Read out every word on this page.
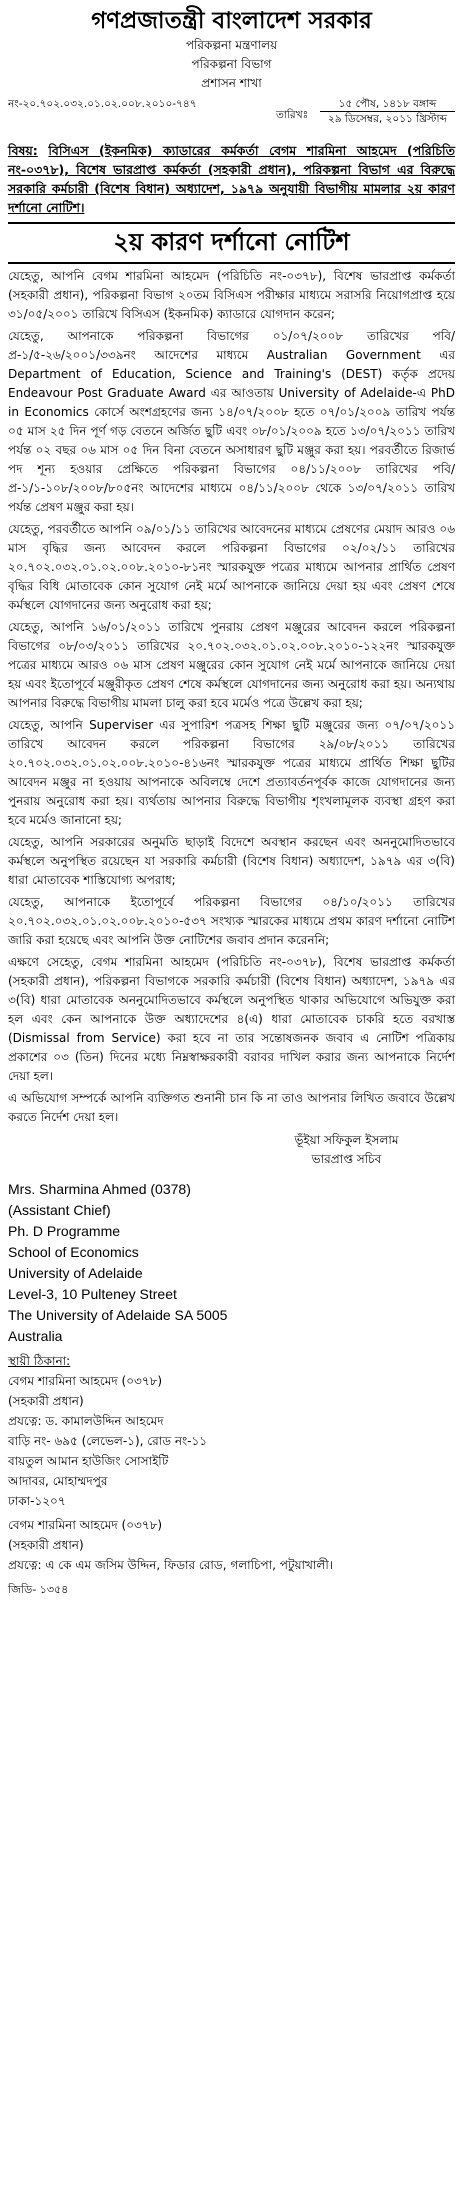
গণপ্রজাতন্ত্রী বাংলাদেশ সরকার
পরিকল্পনা মন্ত্রণালয়
পরিকল্পনা বিভাগ
প্রশাসন শাখা
নং-২০.৭০২.০৩২.০১.০২.০০৮.২০১০-৭৪৭
তারিখঃ
১৫ পৌষ, ১৪১৮ বঙ্গাব্দ
২৯ ডিসেম্বর, ২০১১ খ্রিস্টাব্দ
বিষয়: বিসিএস (ইকনমিক) ক্যাডারের কর্মকর্তা বেগম শারমিনা আহমেদ (পরিচিতি নং-০৩৭৮), বিশেষ ভারপ্রাপ্ত কর্মকর্তা (সহকারী প্রধান), পরিকল্পনা বিভাগ এর বিরুদ্ধে সরকারি কর্মচারী (বিশেষ বিধান) অধ্যাদেশ, ১৯৭৯ অনুযায়ী বিভাগীয় মামলার ২য় কারণ দর্শানো নোটিশ।
২য় কারণ দর্শানো নোটিশ

যেহেতু, আপনি বেগম শারমিনা আহমেদ (পরিচিতি নং-০৩৭৮), বিশেষ ভারপ্রাপ্ত কর্মকর্তা (সহকারী প্রধান), পরিকল্পনা বিভাগ ২০তম বিসিএস পরীক্ষার মাধ্যমে সরাসরি নিয়োগপ্রাপ্ত হয়ে ৩১/০৫/২০০১ তারিখে বিসিএস (ইকনমিক) ক্যাডারে যোগদান করেন;

যেহেতু, আপনাকে পরিকল্পনা বিভাগের ০১/০৭/২০০৮ তারিখের পবি/প্র-১/৫-২৬/২০০১/৩৩৯নং আদেশের মাধ্যমে Australian Government এর Department of Education, Science and Training's (DEST) কর্তৃক প্রদেয় Endeavour Post Graduate Award এর আওতায় University of Adelaide-এ PhD in Economics কোর্সে অংশগ্রহণের জন্য ১৪/০৭/২০০৮ হতে ০৭/০১/২০০৯ তারিখ পর্যন্ত ০৫ মাস ২৫ দিন পূর্ণ গড় বেতনে অর্জিত ছুটি এবং ০৮/০১/২০০৯ হতে ১৩/০৭/২০১১ তারিখ পর্যন্ত ০২ বছর ০৬ মাস ০৫ দিন বিনা বেতনে অসাধারণ ছুটি মঞ্জুর করা হয়। পরবর্তীতে রিজার্ভ পদ শূন্য হওয়ার প্রেক্ষিতে পরিকল্পনা বিভাগের ০৪/১১/২০০৮ তারিখের পবি/প্র-১/১-১০৮/২০০৮/৮০৫নং আদেশের মাধ্যমে ০৪/১১/২০০৮ থেকে ১৩/০৭/২০১১ তারিখ পর্যন্ত প্রেষণ মঞ্জুর করা হয়।

যেহেতু, পরবর্তীতে আপনি ০৯/০১/১১ তারিখের আবেদনের মাধ্যমে প্রেষণের মেয়াদ আরও ০৬ মাস বৃদ্ধির জন্য আবেদন করলে পরিকল্পনা বিভাগের ০২/০২/১১ তারিখের ২০.৭০২.০৩২.০১.০২.০০৮.২০১০-৮১নং স্মারকযুক্ত পত্রের মাধ্যমে আপনার প্রার্থিত প্রেষণ বৃদ্ধির বিধি মোতাবেক কোন সুযোগ নেই মর্মে আপনাকে জানিয়ে দেয়া হয় এবং প্রেষণ শেষে কর্মস্থলে যোগদানের জন্য অনুরোধ করা হয়;

যেহেতু, আপনি ১৬/০১/২০১১ তারিখে পুনরায় প্রেষণ মঞ্জুরের আবেদন করলে পরিকল্পনা বিভাগের ০৮/০৩/২০১১ তারিখের ২০.৭০২.০৩২.০১.০২.০০৮.২০১০-১২২নং স্মারকযুক্ত পত্রের মাধ্যমে আরও ০৬ মাস প্রেষণ মঞ্জুরের কোন সুযোগ নেই মর্মে আপনাকে জানিয়ে দেয়া হয় এবং ইতোপূর্বে মঞ্জুরীকৃত প্রেষণ শেষে কর্মস্থলে যোগদানের জন্য অনুরোধ করা হয়। অন্যথায় আপনার বিরুদ্ধে বিভাগীয় মামলা চালু করা হবে মর্মেও পত্রে উল্লেখ করা হয়;

যেহেতু, আপনি Superviser এর সুপারিশ পত্রসহ শিক্ষা ছুটি মঞ্জুরের জন্য ০৭/০৭/২০১১ তারিখে আবেদন করলে পরিকল্পনা বিভাগের ২৯/০৮/২০১১ তারিখের ২০.৭০২.০৩২.০১.০২.০০৮.২০১০-৪১৬নং স্মারকযুক্ত পত্রের মাধ্যমে প্রার্থিত শিক্ষা ছুটির আবেদন মঞ্জুর না হওয়ায় আপনাকে অবিলম্বে দেশে প্রত্যাবর্তনপূর্বক কাজে যোগদানের জন্য পুনরায় অনুরোধ করা হয়। ব্যর্থতায় আপনার বিরুদ্ধে বিভাগীয় শৃংখলামূলক ব্যবস্থা গ্রহণ করা হবে মর্মেও জানানো হয়;

যেহেতু, আপনি সরকারের অনুমতি ছাড়াই বিদেশে অবস্থান করছেন এবং অননুমোদিতভাবে কর্মস্থলে অনুপস্থিত রয়েছেন যা সরকারি কর্মচারী (বিশেষ বিধান) অধ্যাদেশ, ১৯৭৯ এর ৩(বি) ধারা মোতাবেক শাস্তিযোগ্য অপরাধ;

যেহেতু, আপনাকে ইতোপূর্বে পরিকল্পনা বিভাগের ০৪/১০/২০১১ তারিখের ২০.৭০২.০৩২.০১.০২.০০৮.২০১০-৫৩৭ সংখ্যক স্মারকের মাধ্যমে প্রথম কারণ দর্শানো নোটিশ জারি করা হয়েছে এবং আপনি উক্ত নোটিশের জবাব প্রদান করেননি;

এক্ষণে সেহেতু, বেগম শারমিনা আহমেদ (পরিচিতি নং-০৩৭৮), বিশেষ ভারপ্রাপ্ত কর্মকর্তা (সহকারী প্রধান), পরিকল্পনা বিভাগকে সরকারি কর্মচারী (বিশেষ বিধান) অধ্যাদেশ, ১৯৭৯ এর ৩(বি) ধারা মোতাবেক অননুমোদিতভাবে কর্মস্থলে অনুপস্থিত থাকার অভিযোগে অভিযুক্ত করা হল এবং কেন আপনাকে উক্ত অধ্যাদেশের ৪(এ) ধারা মোতাবেক চাকরি হতে বরখাস্ত (Dismissal from Service) করা হবে না তার সন্তোষজনক জবাব এ নোটিশ পত্রিকায় প্রকাশের ০৩ (তিন) দিনের মধ্যে নিম্নস্বাক্ষরকারী বরাবর দাখিল করার জন্য আপনাকে নির্দেশ দেয়া হল।

এ অভিযোগ সম্পর্কে আপনি ব্যক্তিগত শুনানী চান কি না তাও আপনার লিখিত জবাবে উল্লেখ করতে নির্দেশ দেয়া হল।

ভূঁইয়া সফিকুল ইসলাম
ভারপ্রাপ্ত সচিব
Mrs. Sharmina Ahmed (0378)
(Assistant Chief)
Ph. D Programme
School of Economics
University of Adelaide
Level-3, 10 Pulteney Street
The University of Adelaide SA 5005
Australia
স্থায়ী ঠিকানা:
বেগম শারমিনা আহমেদ (০৩৭৮)
(সহকারী প্রধান)
প্রযত্নে: ড. কামালউদ্দিন আহমেদ
বাড়ি নং- ৬৯৫ (লেভেল-১), রোড নং-১১
বায়তুল আমান হাউজিং সোসাইটি
আদাবর, মোহাম্মদপুর
ঢাকা-১২০৭
বেগম শারমিনা আহমেদ (০৩৭৮)
(সহকারী প্রধান)
প্রযত্নে: এ কে এম জসিম উদ্দিন, ফিডার রোড, গলাচিপা, পটুয়াখালী।
জিডি- ১৩৫৪
